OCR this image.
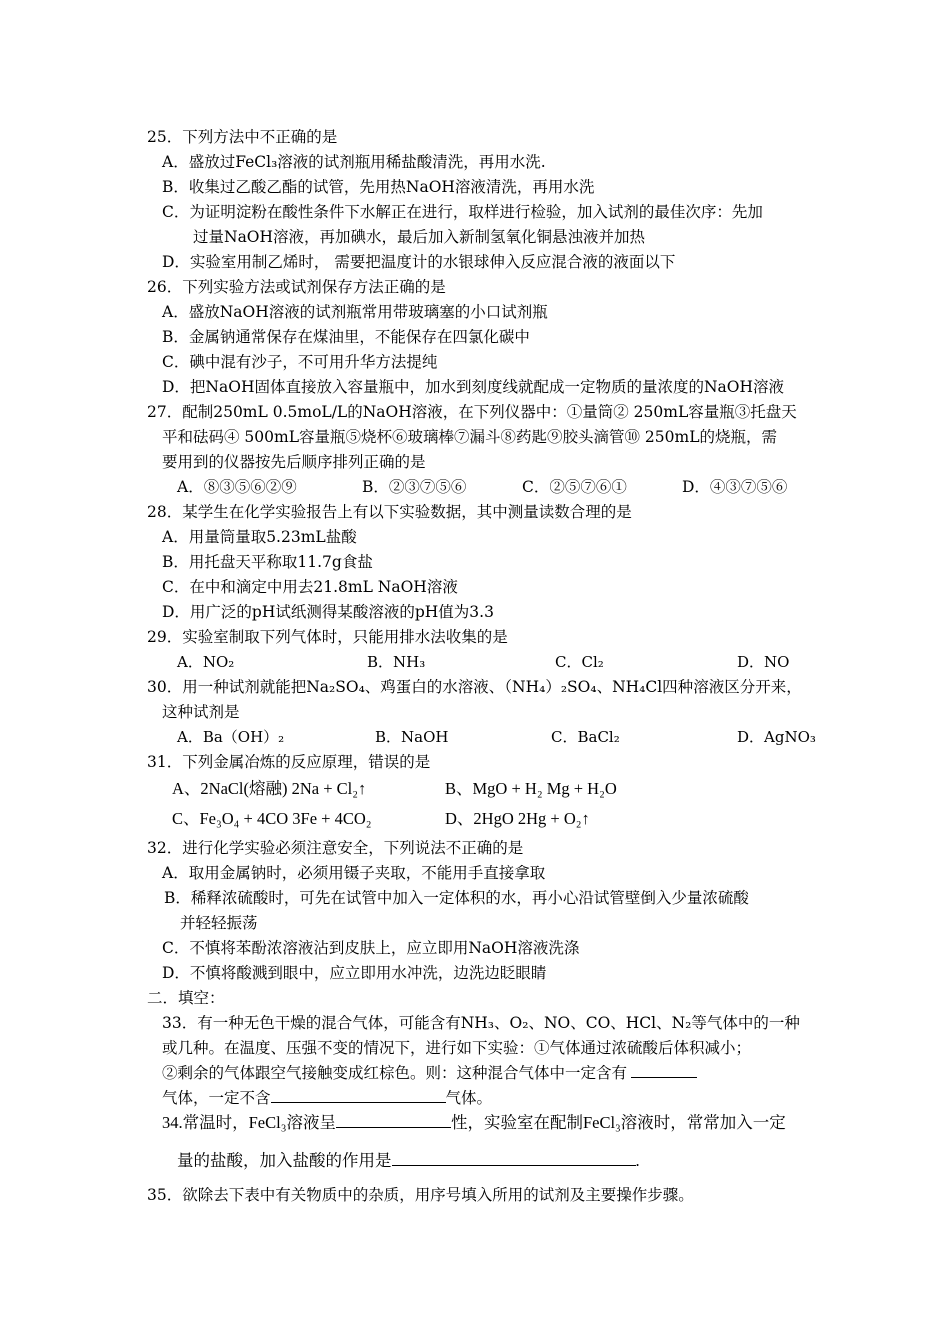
25．下列方法中不正确的是
A．盛放过FeCl₃溶液的试剂瓶用稀盐酸清洗，再用水洗.
B．收集过乙酸乙酯的试管，先用热NaOH溶液清洗，再用水洗
C．为证明淀粉在酸性条件下水解正在进行，取样进行检验，加入试剂的最佳次序：先加
过量NaOH溶液，再加碘水，最后加入新制氢氧化铜悬浊液并加热
D．实验室用制乙烯时， 需要把温度计的水银球伸入反应混合液的液面以下
26．下列实验方法或试剂保存方法正确的是
A．盛放NaOH溶液的试剂瓶常用带玻璃塞的小口试剂瓶
B．金属钠通常保存在煤油里，不能保存在四氯化碳中
C．碘中混有沙子，不可用升华方法提纯
D．把NaOH固体直接放入容量瓶中，加水到刻度线就配成一定物质的量浓度的NaOH溶液
27．配制250mL 0.5moL/L的NaOH溶液，在下列仪器中：①量筒② 250mL容量瓶③托盘天
平和砝码④ 500mL容量瓶⑤烧杯⑥玻璃棒⑦漏斗⑧药匙⑨胶头滴管⑩ 250mL的烧瓶，需
要用到的仪器按先后顺序排列正确的是
A．⑧③⑤⑥②⑨	B．②③⑦⑤⑥	C．②⑤⑦⑥①	D．④③⑦⑤⑥
28．某学生在化学实验报告上有以下实验数据，其中测量读数合理的是
A．用量筒量取5.23mL盐酸
B．用托盘天平称取11.7g食盐
C．在中和滴定中用去21.8mL NaOH溶液
D．用广泛的pH试纸测得某酸溶液的pH值为3.3
29．实验室制取下列气体时，只能用排水法收集的是
A．NO₂	B．NH₃	C．Cl₂	D．NO
30．用一种试剂就能把Na₂SO₄、鸡蛋白的水溶液、（NH₄）₂SO₄、NH₄Cl四种溶液区分开来，
这种试剂是
A．Ba（OH）₂	B．NaOH	C．BaCl₂	D．AgNO₃
31．下列金属冶炼的反应原理，错误的是
A、2NaCl(熔融) 2Na + Cl₂↑	B、MgO + H₂ Mg + H₂O
C、Fe₃O₄ + 4CO 3Fe + 4CO₂	D、2HgO 2Hg + O₂↑
32．进行化学实验必须注意安全，下列说法不正确的是
A．取用金属钠时，必须用镊子夹取，不能用手直接拿取
B．稀释浓硫酸时，可先在试管中加入一定体积的水，再小心沿试管壁倒入少量浓硫酸
并轻轻振荡
C．不慎将苯酚浓溶液沾到皮肤上，应立即用NaOH溶液洗涤
D．不慎将酸溅到眼中，应立即用水冲洗，边洗边眨眼睛
二．填空：
33．有一种无色干燥的混合气体，可能含有NH₃、O₂、NO、CO、HCl、N₂等气体中的一种
或几种。在温度、压强不变的情况下，进行如下实验：①气体通过浓硫酸后体积减小；
②剩余的气体跟空气接触变成红棕色。则：这种混合气体中一定含有
气体，一定不含	气体。
34.常温时，FeCl₃溶液呈	性，实验室在配制FeCl₃溶液时，常常加入一定
量的盐酸，加入盐酸的作用是	.
35．欲除去下表中有关物质中的杂质，用序号填入所用的试剂及主要操作步骤。
